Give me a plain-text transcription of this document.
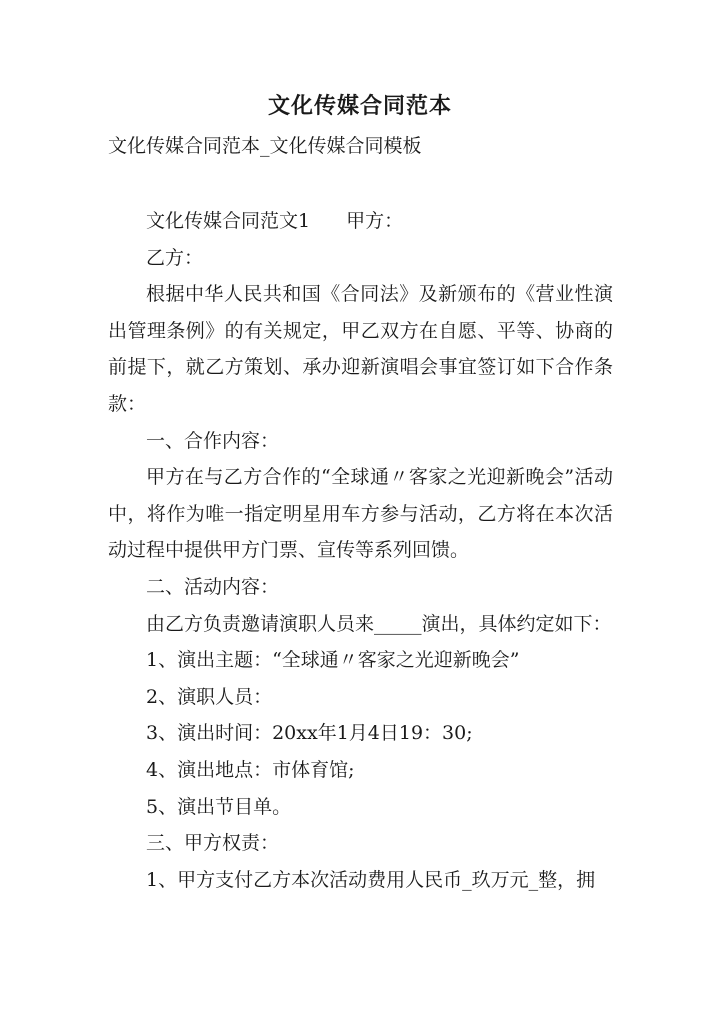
文化传媒合同范本
文化传媒合同范本_文化传媒合同模板

文化传媒合同范文1 甲方：

乙方：

根据中华人民共和国《合同法》及新颁布的《营业性演出管理条例》的有关规定，甲乙双方在自愿、平等、协商的前提下，就乙方策划、承办迎新演唱会事宜签订如下合作条款：

一、合作内容：

甲方在与乙方合作的“全球通〃客家之光迎新晚会”活动中，将作为唯一指定明星用车方参与活动，乙方将在本次活动过程中提供甲方门票、宣传等系列回馈。

二、活动内容：

由乙方负责邀请演职人员来_____演出，具体约定如下：

1、演出主题：“全球通〃客家之光迎新晚会”

2、演职人员：

3、演出时间：20xx年1月4日19：30;

4、演出地点：市体育馆;

5、演出节目单。

三、甲方权责：

1、甲方支付乙方本次活动费用人民币_玖万元_整，拥
